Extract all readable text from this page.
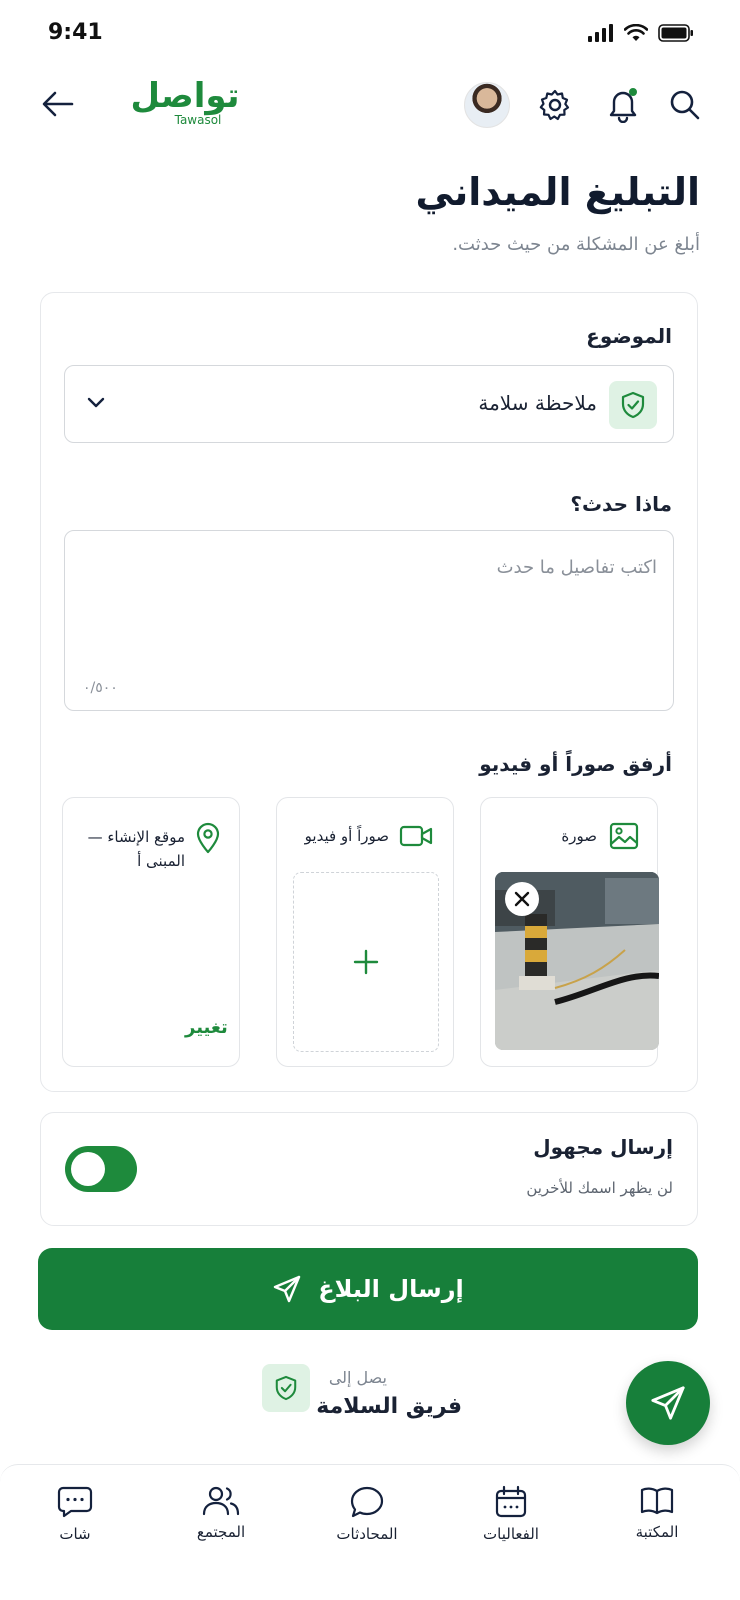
9:41
تواصل
Tawasol
التبليغ الميداني
أبلغ عن المشكلة من حيث حدثت.
الموضوع
ملاحظة سلامة
ماذا حدث؟
اكتب تفاصيل ما حدث
٠/٥٠٠
أرفق صوراً أو فيديو
صورة
صوراً أو فيديو
موقع الإنشاء —
المبنى أ
تغيير
إرسال مجهول
لن يظهر اسمك للأخرين
إرسال البلاغ
يصل إلى
فريق السلامة
المكتبة
الفعاليات
المحادثات
المجتمع
شات
